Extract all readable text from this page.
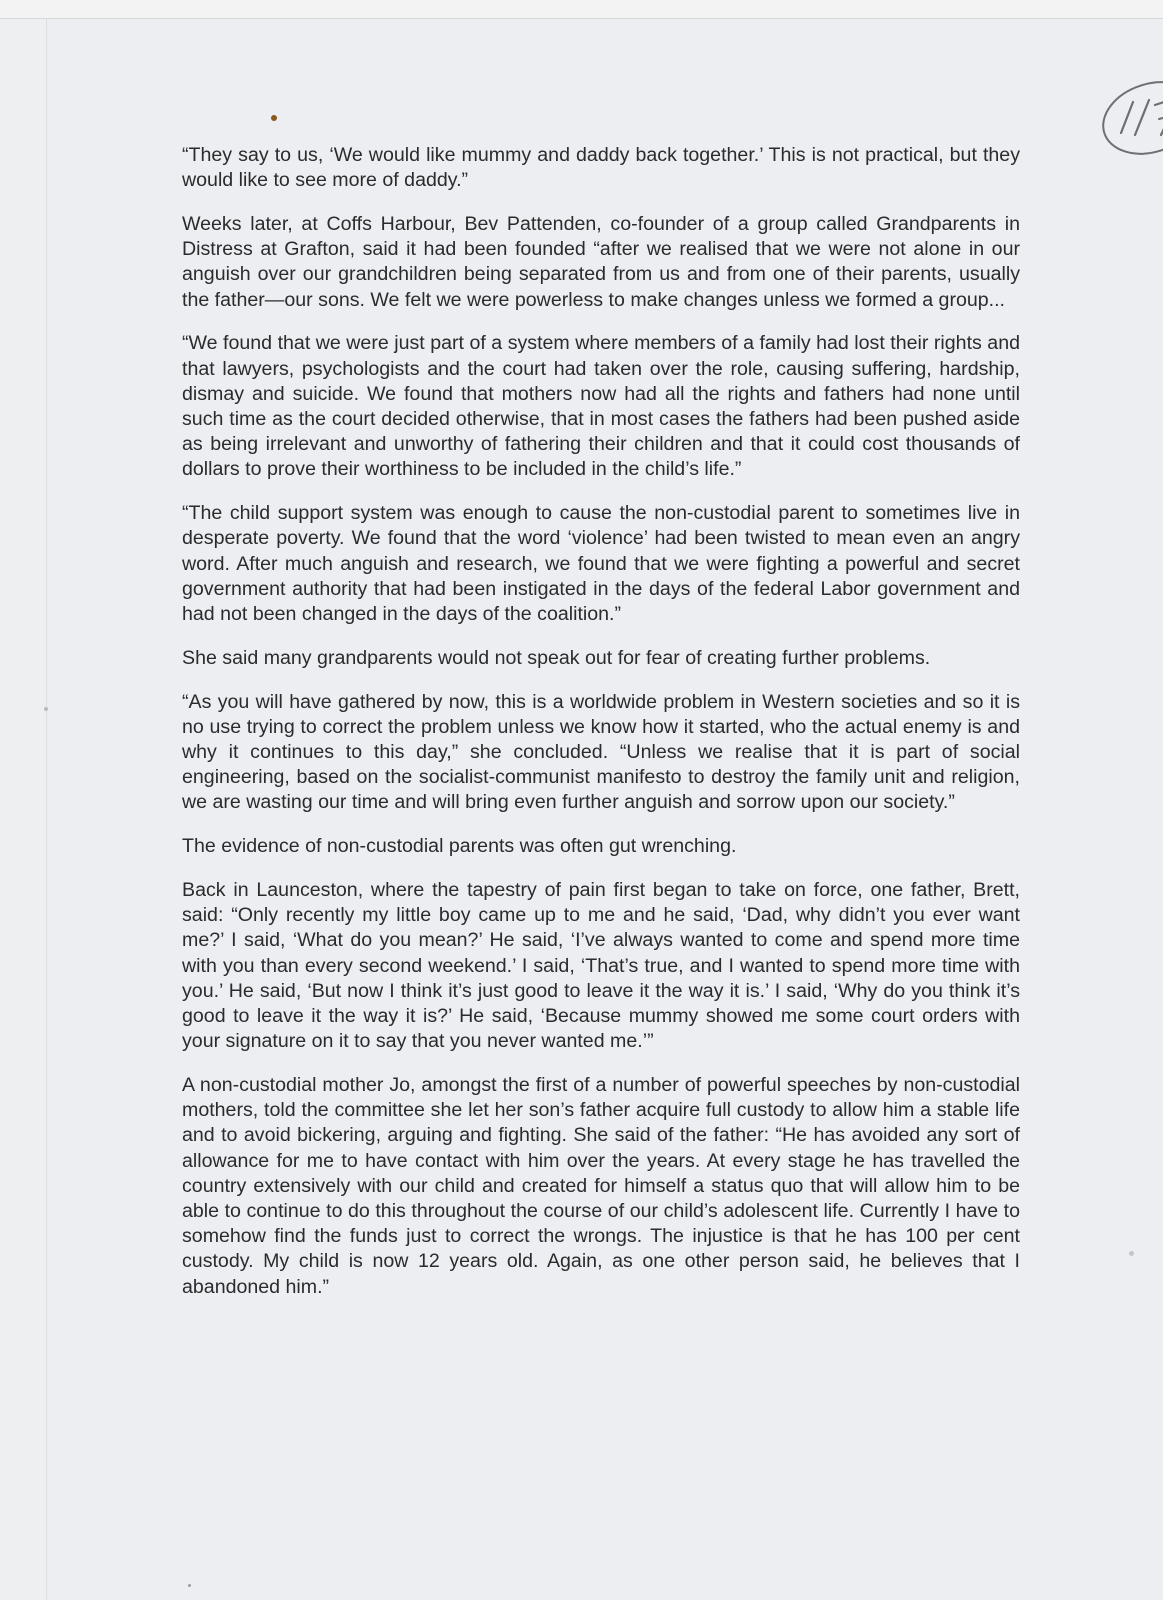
“They say to us, ‘We would like mummy and daddy back together.’ This is not practical, but they would like to see more of daddy.”

Weeks later, at Coffs Harbour, Bev Pattenden, co-founder of a group called Grandparents in Distress at Grafton, said it had been founded “after we realised that we were not alone in our anguish over our grandchildren being separated from us and from one of their parents, usually the father—our sons. We felt we were powerless to make changes unless we formed a group...

“We found that we were just part of a system where members of a family had lost their rights and that lawyers, psychologists and the court had taken over the role, causing suffering, hardship, dismay and suicide. We found that mothers now had all the rights and fathers had none until such time as the court decided otherwise, that in most cases the fathers had been pushed aside as being irrelevant and unworthy of fathering their children and that it could cost thousands of dollars to prove their worthiness to be included in the child’s life.”

“The child support system was enough to cause the non-custodial parent to sometimes live in desperate poverty. We found that the word ‘violence’ had been twisted to mean even an angry word. After much anguish and research, we found that we were fighting a powerful and secret government authority that had been instigated in the days of the federal Labor government and had not been changed in the days of the coalition.”

She said many grandparents would not speak out for fear of creating further problems.

“As you will have gathered by now, this is a worldwide problem in Western societies and so it is no use trying to correct the problem unless we know how it started, who the actual enemy is and why it continues to this day,” she concluded. “Unless we realise that it is part of social engineering, based on the socialist-communist manifesto to destroy the family unit and religion, we are wasting our time and will bring even further anguish and sorrow upon our society.”

The evidence of non-custodial parents was often gut wrenching.

Back in Launceston, where the tapestry of pain first began to take on force, one father, Brett, said: “Only recently my little boy came up to me and he said, ‘Dad, why didn’t you ever want me?’ I said, ‘What do you mean?’ He said, ‘I’ve always wanted to come and spend more time with you than every second weekend.’ I said, ‘That’s true, and I wanted to spend more time with you.’ He said, ‘But now I think it’s just good to leave it the way it is.’ I said, ‘Why do you think it’s good to leave it the way it is?’ He said, ‘Because mummy showed me some court orders with your signature on it to say that you never wanted me.’”

A non-custodial mother Jo, amongst the first of a number of powerful speeches by non-custodial mothers, told the committee she let her son’s father acquire full custody to allow him a stable life and to avoid bickering, arguing and fighting. She said of the father: “He has avoided any sort of allowance for me to have contact with him over the years. At every stage he has travelled the country extensively with our child and created for himself a status quo that will allow him to be able to continue to do this throughout the course of our child’s adolescent life. Currently I have to somehow find the funds just to correct the wrongs. The injustice is that he has 100 per cent custody. My child is now 12 years old. Again, as one other person said, he believes that I abandoned him.”
